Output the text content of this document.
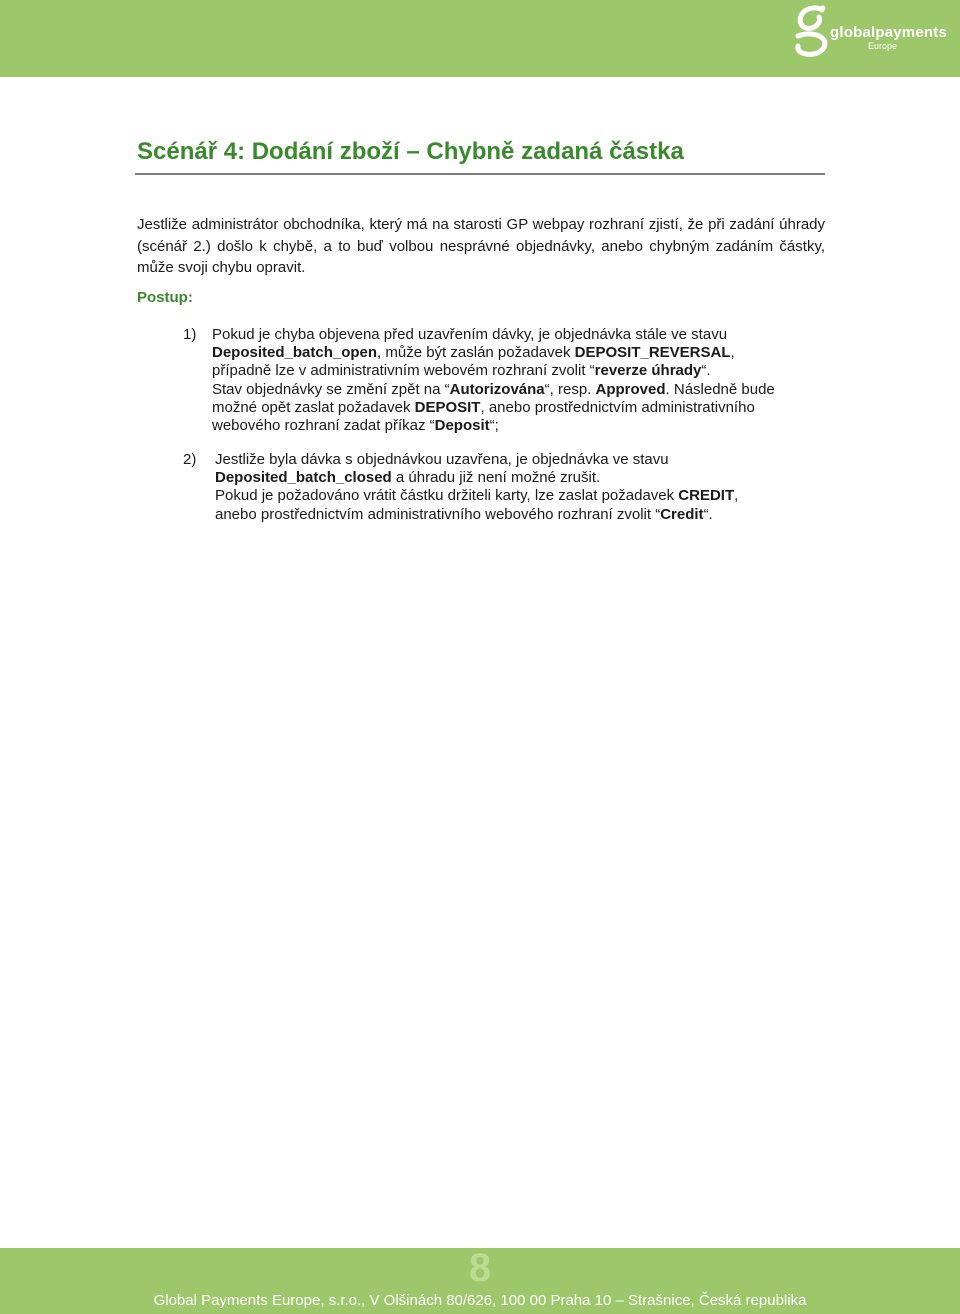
globalpayments
Europe
Scénář 4: Dodání zboží – Chybně zadaná částka

Jestliže administrátor obchodníka, který má na starosti GP webpay rozhraní zjistí, že při zadání úhrady (scénář 2.) došlo k chybě, a to buď volbou nesprávné objednávky, anebo chybným zadáním částky, může svoji chybu opravit.

Postup:

1) Pokud je chyba objevena před uzavřením dávky, je objednávka stále ve stavu
Deposited_batch_open, může být zaslán požadavek DEPOSIT_REVERSAL,
případně lze v administrativním webovém rozhraní zvolit “reverze úhrady“.
Stav objednávky se změní zpět na “Autorizována“, resp. Approved. Následně bude
možné opět zaslat požadavek DEPOSIT, anebo prostřednictvím administrativního
webového rozhraní zadat příkaz “Deposit“;
2) Jestliže byla dávka s objednávkou uzavřena, je objednávka ve stavu
Deposited_batch_closed a úhradu již není možné zrušit.
Pokud je požadováno vrátit částku držiteli karty, lze zaslat požadavek CREDIT,
anebo prostřednictvím administrativního webového rozhraní zvolit “Credit“.
8
Global Payments Europe, s.r.o., V Olšinách 80/626, 100 00 Praha 10 – Strašnice, Česká republika
